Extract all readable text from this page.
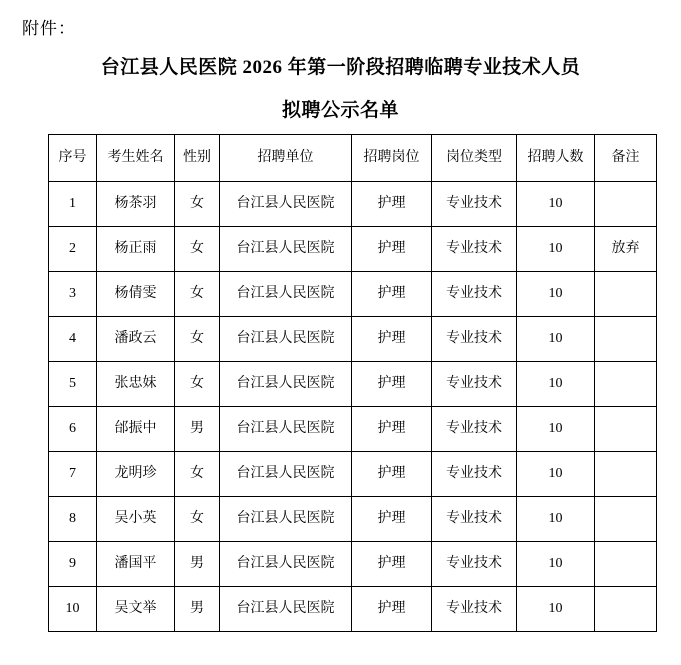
附件：
台江县人民医院 2026 年第一阶段招聘临聘专业技术人员
拟聘公示名单
序号	考生姓名	性别	招聘单位	招聘岗位	岗位类型	招聘人数	备注
1	杨茶羽	女	台江县人民医院	护理	专业技术	10	
2	杨正雨	女	台江县人民医院	护理	专业技术	10	放弃
3	杨倩雯	女	台江县人民医院	护理	专业技术	10	
4	潘政云	女	台江县人民医院	护理	专业技术	10	
5	张忠妹	女	台江县人民医院	护理	专业技术	10	
6	邰振中	男	台江县人民医院	护理	专业技术	10	
7	龙明珍	女	台江县人民医院	护理	专业技术	10	
8	吴小英	女	台江县人民医院	护理	专业技术	10	
9	潘国平	男	台江县人民医院	护理	专业技术	10	
10	吴文举	男	台江县人民医院	护理	专业技术	10	
